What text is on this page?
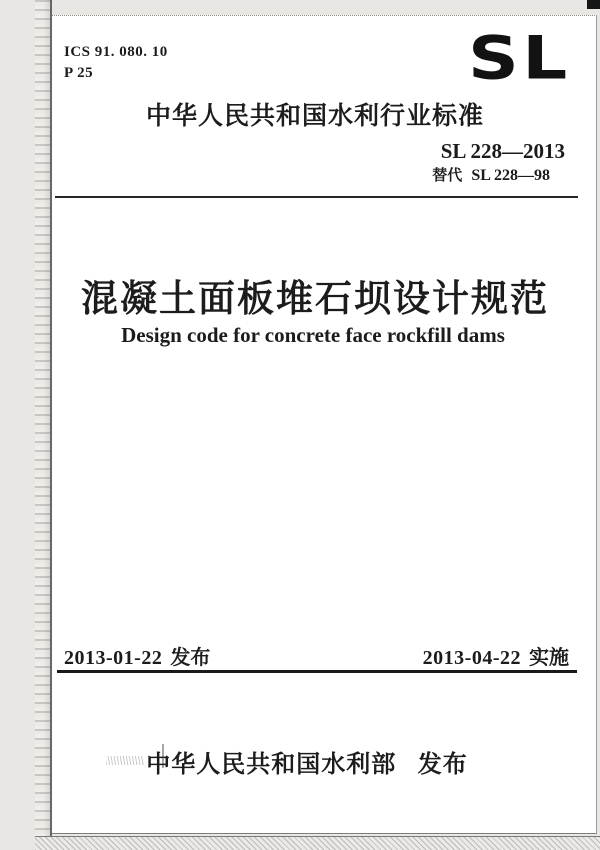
ICS 91. 080. 10
P 25	SL
中华人民共和国水利行业标准
SL 228—2013
替代 SL 228—98
混凝土面板堆石坝设计规范
Design code for concrete face rockfill dams
2013-01-22 发布	2013-04-22 实施
中华人民共和国水利部 发布
